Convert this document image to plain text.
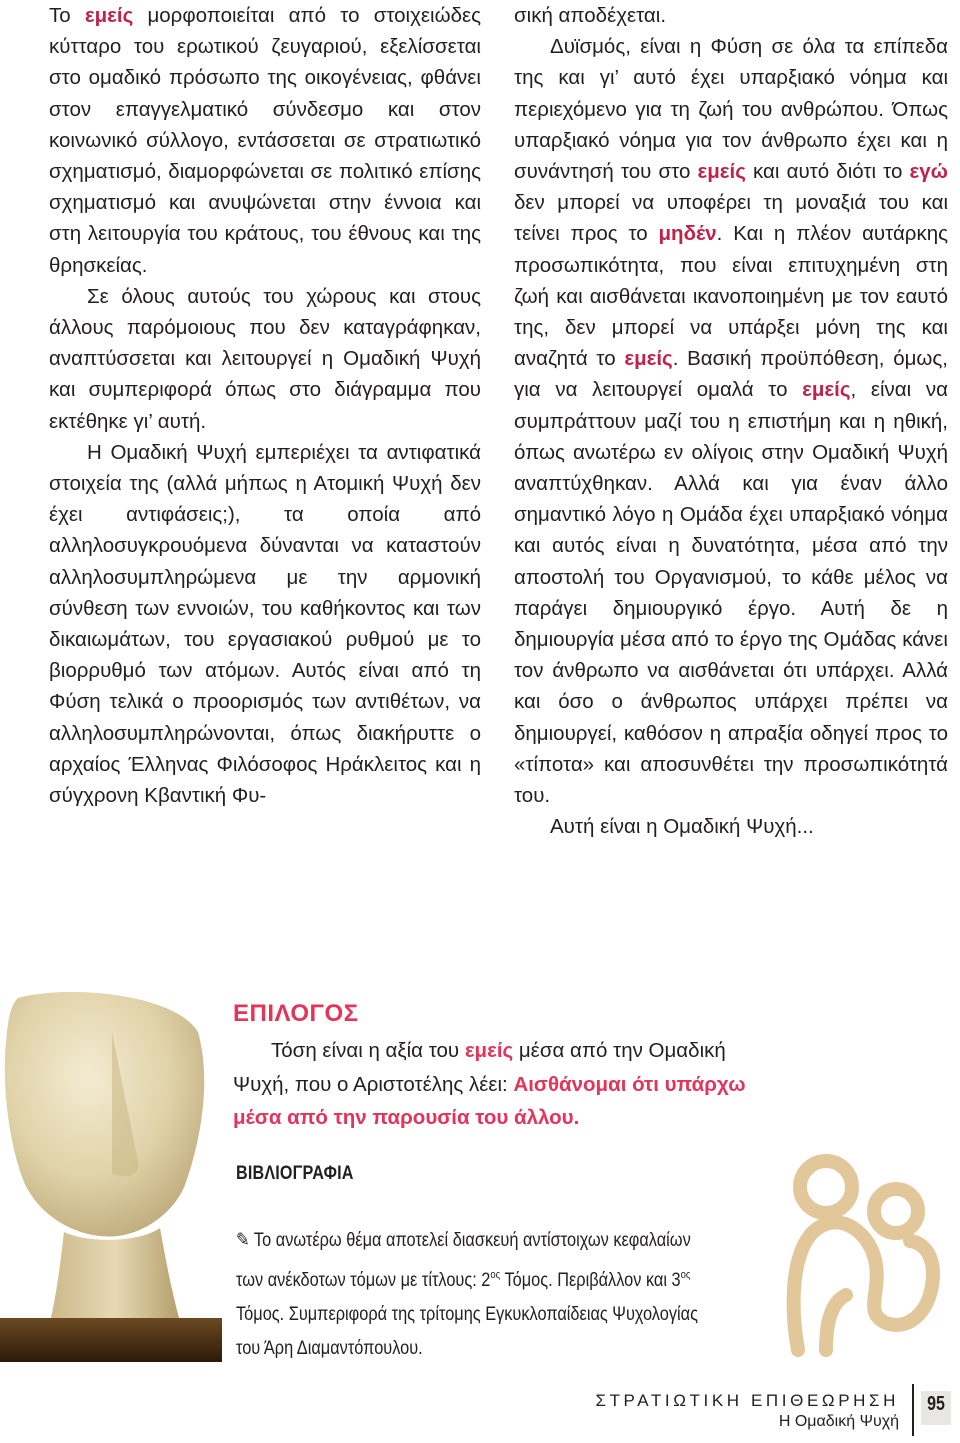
Το εμείς μορφοποιείται από το στοιχειώδες κύτταρο του ερωτικού ζευγαριού, εξελίσσεται στο ομαδικό πρόσωπο της οικογένειας, φθάνει στον επαγγελματικό σύνδεσμο και στον κοινωνικό σύλλογο, εντάσσεται σε στρατιωτικό σχηματισμό, διαμορφώνεται σε πολιτικό επίσης σχηματισμό και ανυψώνεται στην έννοια και στη λειτουργία του κράτους, του έθνους και της θρησκείας.

Σε όλους αυτούς του χώρους και στους άλλους παρόμοιους που δεν καταγράφηκαν, αναπτύσσεται και λειτουργεί η Ομαδική Ψυχή και συμπεριφορά όπως στο διάγραμμα που εκτέθηκε γι’ αυτή.

Η Ομαδική Ψυχή εμπεριέχει τα αντιφατικά στοιχεία της (αλλά μήπως η Ατομική Ψυχή δεν έχει αντιφάσεις;), τα οποία από αλληλοσυγκρουόμενα δύνανται να καταστούν αλληλοσυμπληρώμενα με την αρμονική σύνθεση των εννοιών, του καθήκοντος και των δικαιωμάτων, του εργασιακού ρυθμού με το βιορρυθμό των ατόμων. Αυτός είναι από τη Φύση τελικά ο προορισμός των αντιθέτων, να αλληλοσυμπληρώνονται, όπως διακήρυττε ο αρχαίος Έλληνας Φιλόσοφος Ηράκλειτος και η σύγχρονη Κβαντική Φυ-

σική αποδέχεται.

Δυϊσμός, είναι η Φύση σε όλα τα επίπεδα της και γι’ αυτό έχει υπαρξιακό νόημα και περιεχόμενο για τη ζωή του ανθρώπου. Όπως υπαρξιακό νόημα για τον άνθρωπο έχει και η συνάντησή του στο εμείς και αυτό διότι το εγώ δεν μπορεί να υποφέρει τη μοναξιά του και τείνει προς το μηδέν. Και η πλέον αυτάρκης προσωπικότητα, που είναι επιτυχημένη στη ζωή και αισθάνεται ικανοποιημένη με τον εαυτό της, δεν μπορεί να υπάρξει μόνη της και αναζητά το εμείς. Βασική προϋπόθεση, όμως, για να λειτουργεί ομαλά το εμείς, είναι να συμπράττουν μαζί του η επιστήμη και η ηθική, όπως ανωτέρω εν ολίγοις στην Ομαδική Ψυχή αναπτύχθηκαν. Αλλά και για έναν άλλο σημαντικό λόγο η Ομάδα έχει υπαρξιακό νόημα και αυτός είναι η δυνατότητα, μέσα από την αποστολή του Οργανισμού, το κάθε μέλος να παράγει δημιουργικό έργο. Αυτή δε η δημιουργία μέσα από το έργο της Ομάδας κάνει τον άνθρωπο να αισθάνεται ότι υπάρχει. Αλλά και όσο ο άνθρωπος υπάρχει πρέπει να δημιουργεί, καθόσον η απραξία οδηγεί προς το «τίποτα» και αποσυνθέτει την προσωπικότητά του.

Αυτή είναι η Ομαδική Ψυχή...

ΕΠΙΛΟΓΟΣ

Τόση είναι η αξία του εμείς μέσα από την Ομαδική Ψυχή, που ο Αριστοτέλης λέει: Αισθάνομαι ότι υπάρχω μέσα από την παρουσία του άλλου.

ΒΙΒΛΙΟΓΡΑΦΙΑ

✎ Το ανωτέρω θέμα αποτελεί διασκευή αντίστοιχων κεφαλαίων των ανέκδοτων τόμων με τίτλους: $2^{o\varsigma}$ Τόμος. Περιβάλλον και $3^{o\varsigma}$ Τόμος. Συμπεριφορά της τρίτομης Εγκυκλοπαίδειας Ψυχολογίας του Άρη Διαμαντόπουλου.

ΣΤΡΑΤΙΩΤΙΚΗ ΕΠΙΘΕΩΡΗΣΗ
Η Ομαδική Ψυχή
95
